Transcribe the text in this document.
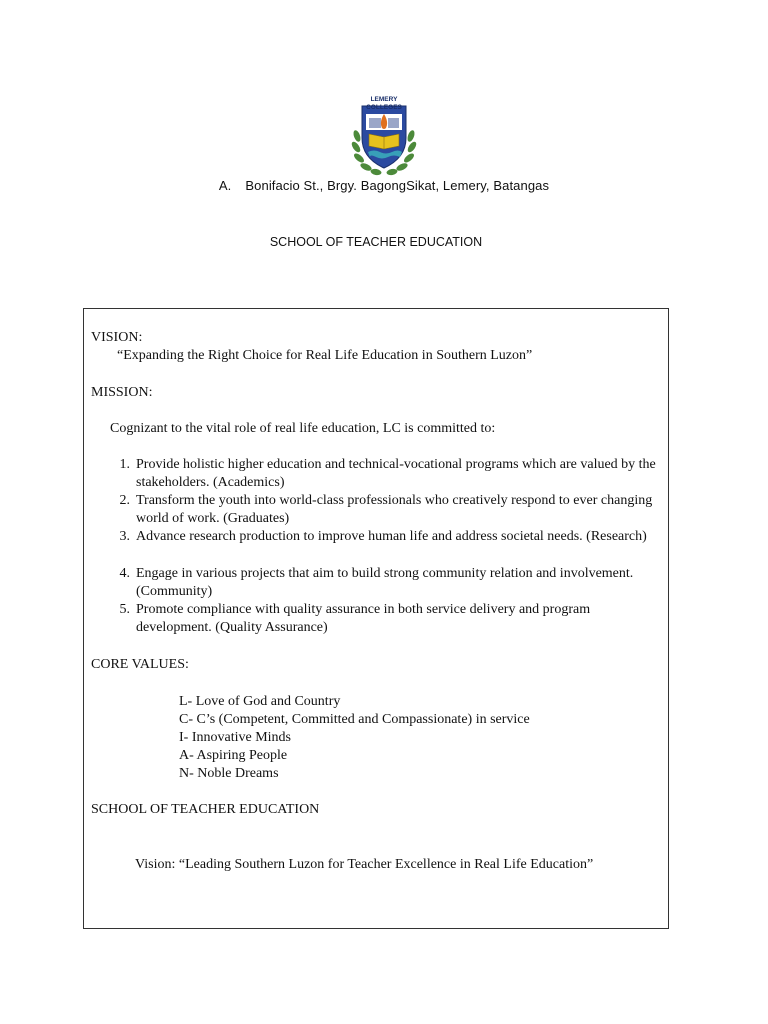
LEMERY
COLLEGES
A. Bonifacio St., Brgy. BagongSikat, Lemery, Batangas
SCHOOL OF TEACHER EDUCATION
VISION:
“Expanding the Right Choice for Real Life Education in Southern Luzon”
MISSION:
Cognizant to the vital role of real life education, LC is committed to:
1. Provide holistic higher education and technical-vocational programs which are valued by the stakeholders. (Academics)
2. Transform the youth into world-class professionals who creatively respond to ever changing world of work. (Graduates)
3. Advance research production to improve human life and address societal needs. (Research)
4. Engage in various projects that aim to build strong community relation and involvement. (Community)
5. Promote compliance with quality assurance in both service delivery and program development. (Quality Assurance)
CORE VALUES:
L- Love of God and Country
C- C’s (Competent, Committed and Compassionate) in service
I- Innovative Minds
A- Aspiring People
N- Noble Dreams
SCHOOL OF TEACHER EDUCATION
Vision: “Leading Southern Luzon for Teacher Excellence in Real Life Education”
